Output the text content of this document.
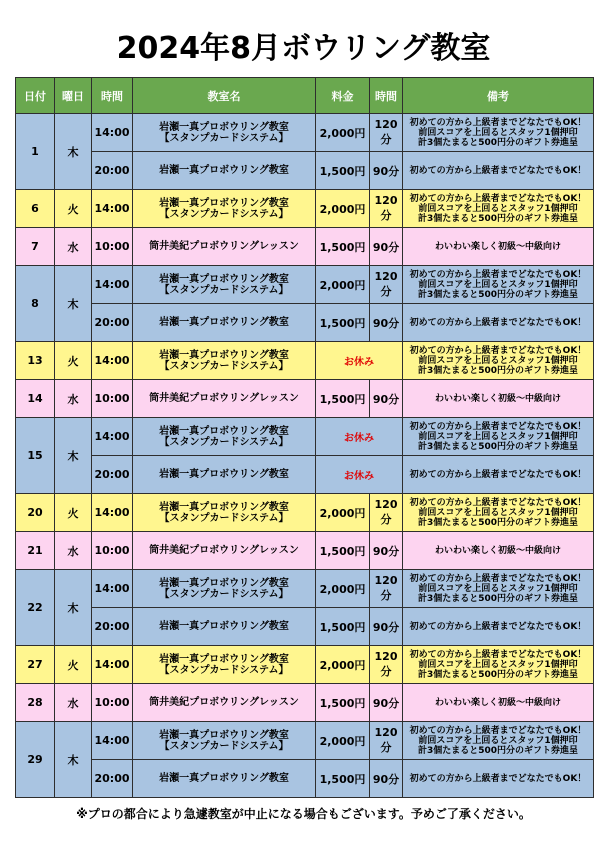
2024年8月ボウリング教室
日付	曜日	時間	教室名	料金	時間	備考
1	木	14:00	岩瀬一真プロボウリング教室
【スタンプカードシステム】	2,000円	120分	初めての方から上級者までどなたでもOK！
前回スコアを上回るとスタッフ1個押印
計3個たまると500円分のギフト券進呈
		20:00	岩瀬一真プロボウリング教室	1,500円	90分	初めての方から上級者までどなたでもOK！
6	火	14:00	岩瀬一真プロボウリング教室
【スタンプカードシステム】	2,000円	120分	初めての方から上級者までどなたでもOK！
前回スコアを上回るとスタッフ1個押印
計3個たまると500円分のギフト券進呈
7	水	10:00	筒井美紀プロボウリングレッスン	1,500円	90分	わいわい楽しく初級～中級向け
8	木	14:00	岩瀬一真プロボウリング教室
【スタンプカードシステム】	2,000円	120分	初めての方から上級者までどなたでもOK！
前回スコアを上回るとスタッフ1個押印
計3個たまると500円分のギフト券進呈
		20:00	岩瀬一真プロボウリング教室	1,500円	90分	初めての方から上級者までどなたでもOK！
13	火	14:00	岩瀬一真プロボウリング教室
【スタンプカードシステム】	お休み		初めての方から上級者までどなたでもOK！
前回スコアを上回るとスタッフ1個押印
計3個たまると500円分のギフト券進呈
14	水	10:00	筒井美紀プロボウリングレッスン	1,500円	90分	わいわい楽しく初級～中級向け
15	木	14:00	岩瀬一真プロボウリング教室
【スタンプカードシステム】	お休み		初めての方から上級者までどなたでもOK！
前回スコアを上回るとスタッフ1個押印
計3個たまると500円分のギフト券進呈
		20:00	岩瀬一真プロボウリング教室	お休み		初めての方から上級者までどなたでもOK！
20	火	14:00	岩瀬一真プロボウリング教室
【スタンプカードシステム】	2,000円	120分	初めての方から上級者までどなたでもOK！
前回スコアを上回るとスタッフ1個押印
計3個たまると500円分のギフト券進呈
21	水	10:00	筒井美紀プロボウリングレッスン	1,500円	90分	わいわい楽しく初級～中級向け
22	木	14:00	岩瀬一真プロボウリング教室
【スタンプカードシステム】	2,000円	120分	初めての方から上級者までどなたでもOK！
前回スコアを上回るとスタッフ1個押印
計3個たまると500円分のギフト券進呈
		20:00	岩瀬一真プロボウリング教室	1,500円	90分	初めての方から上級者までどなたでもOK！
27	火	14:00	岩瀬一真プロボウリング教室
【スタンプカードシステム】	2,000円	120分	初めての方から上級者までどなたでもOK！
前回スコアを上回るとスタッフ1個押印
計3個たまると500円分のギフト券進呈
28	水	10:00	筒井美紀プロボウリングレッスン	1,500円	90分	わいわい楽しく初級～中級向け
29	木	14:00	岩瀬一真プロボウリング教室
【スタンプカードシステム】	2,000円	120分	初めての方から上級者までどなたでもOK！
前回スコアを上回るとスタッフ1個押印
計3個たまると500円分のギフト券進呈
		20:00	岩瀬一真プロボウリング教室	1,500円	90分	初めての方から上級者までどなたでもOK！
※プロの都合により急遽教室が中止になる場合もございます。予めご了承ください。
